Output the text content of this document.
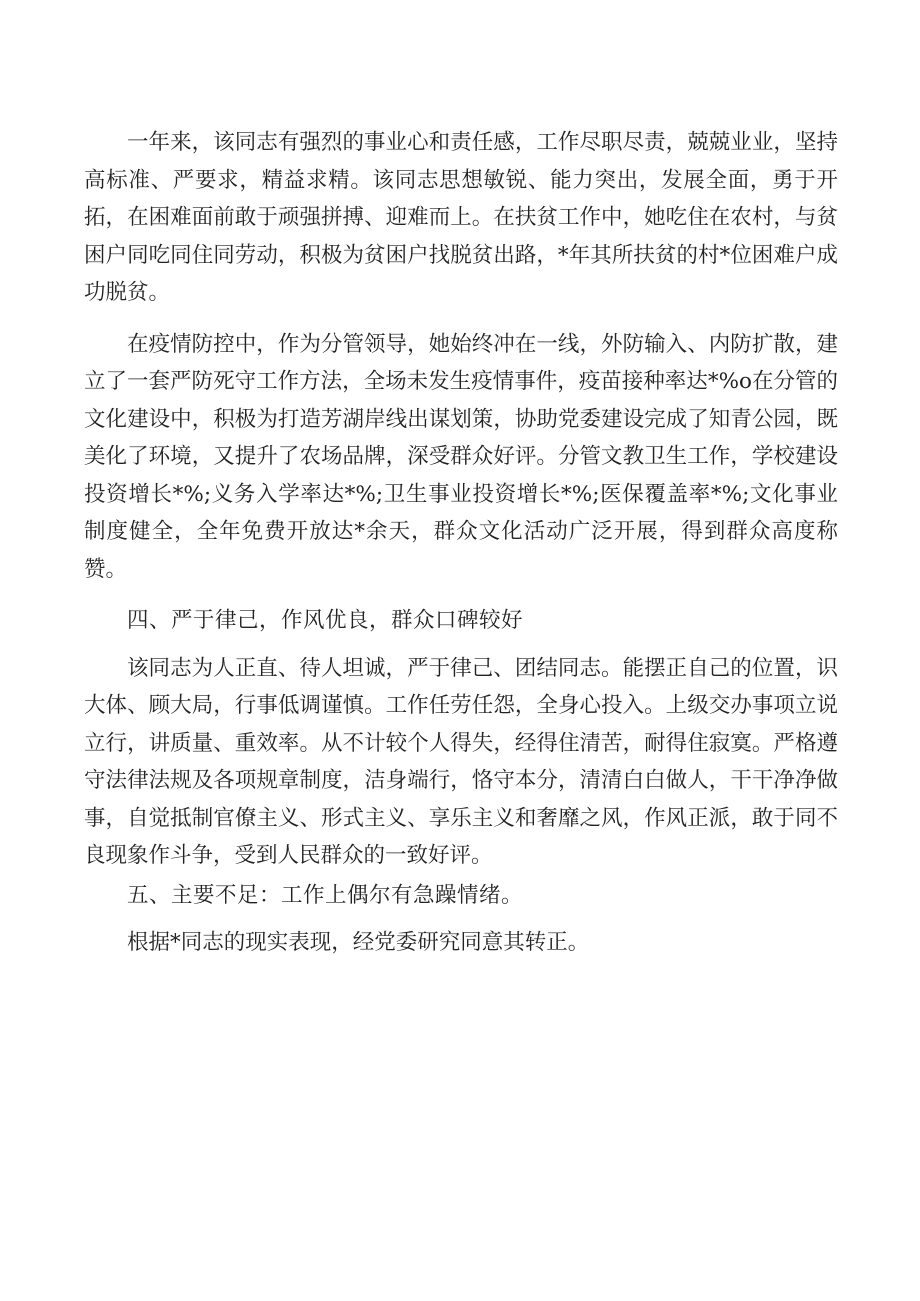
一年来，该同志有强烈的事业心和责任感，工作尽职尽责，兢兢业业，坚持高标准、严要求，精益求精。该同志思想敏锐、能力突出，发展全面，勇于开拓，在困难面前敢于顽强拼搏、迎难而上。在扶贫工作中，她吃住在农村，与贫困户同吃同住同劳动，积极为贫困户找脱贫出路，*年其所扶贫的村*位困难户成功脱贫。

在疫情防控中，作为分管领导，她始终冲在一线，外防输入、内防扩散，建立了一套严防死守工作方法，全场未发生疫情事件，疫苗接种率达*%o在分管的文化建设中，积极为打造芳湖岸线出谋划策，协助党委建设完成了知青公园，既美化了环境，又提升了农场品牌，深受群众好评。分管文教卫生工作，学校建设投资增长*%;义务入学率达*%;卫生事业投资增长*%;医保覆盖率*%;文化事业制度健全，全年免费开放达*余天，群众文化活动广泛开展，得到群众高度称赞。

四、严于律己，作风优良，群众口碑较好

该同志为人正直、待人坦诚，严于律己、团结同志。能摆正自己的位置，识大体、顾大局，行事低调谨慎。工作任劳任怨，全身心投入。上级交办事项立说立行，讲质量、重效率。从不计较个人得失，经得住清苦，耐得住寂寞。严格遵守法律法规及各项规章制度，洁身端行，恪守本分，清清白白做人，干干净净做事，自觉抵制官僚主义、形式主义、享乐主义和奢靡之风，作风正派，敢于同不良现象作斗争，受到人民群众的一致好评。

五、主要不足：工作上偶尔有急躁情绪。

根据*同志的现实表现，经党委研究同意其转正。
